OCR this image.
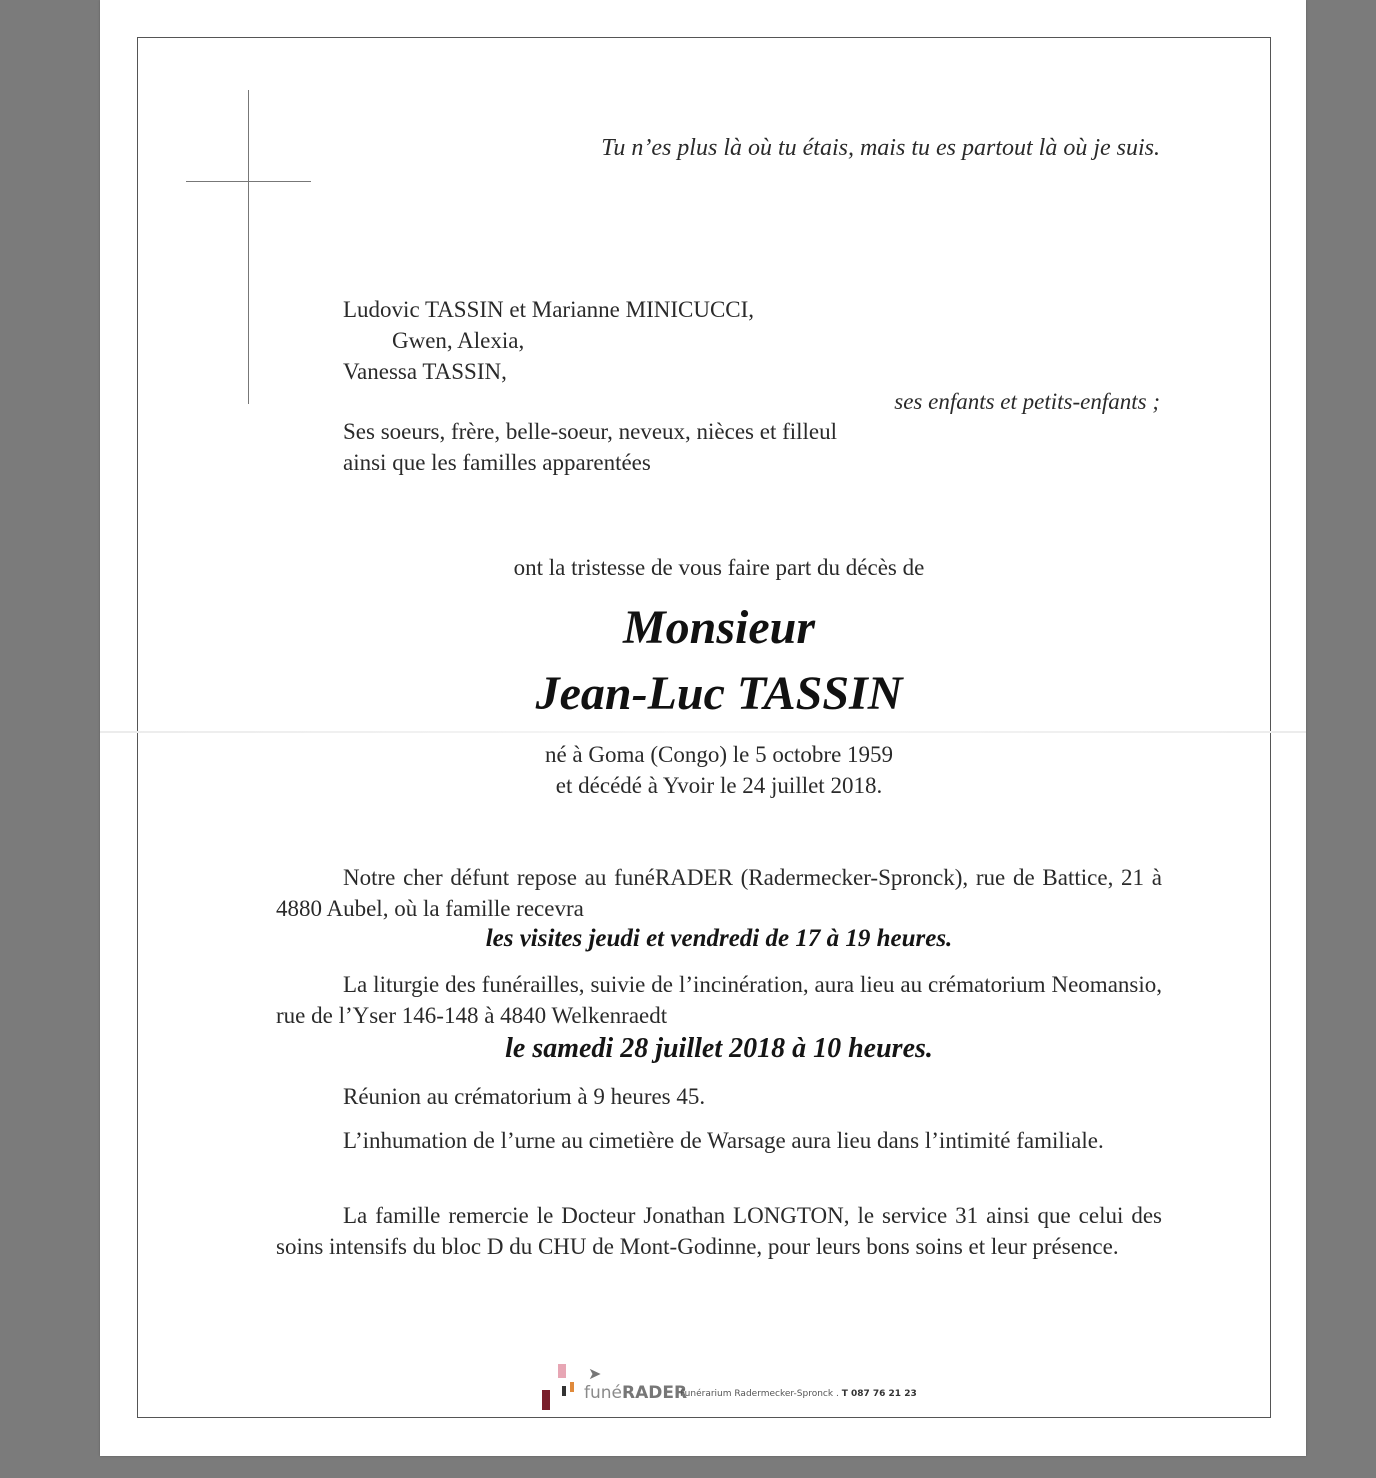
Tu n’es plus là où tu étais, mais tu es partout là où je suis.
Ludovic TASSIN et Marianne MINICUCCI,
Gwen, Alexia,
Vanessa TASSIN,
ses enfants et petits-enfants ;
Ses soeurs, frère, belle-soeur, neveux, nièces et filleul
ainsi que les familles apparentées
ont la tristesse de vous faire part du décès de
Monsieur
Jean-Luc TASSIN
né à Goma (Congo) le 5 octobre 1959
et décédé à Yvoir le 24 juillet 2018.
Notre cher défunt repose au funéRADER (Radermecker-Spronck), rue de Battice, 21 à 4880 Aubel, où la famille recevra
les visites jeudi et vendredi de 17 à 19 heures.
La liturgie des funérailles, suivie de l’incinération, aura lieu au crématorium Neomansio, rue de l’Yser 146-148 à 4840 Welkenraedt
le samedi 28 juillet 2018 à 10 heures.
Réunion au crématorium à 9 heures 45.
L’inhumation de l’urne au cimetière de Warsage aura lieu dans l’intimité familiale.
La famille remercie le Docteur Jonathan LONGTON, le service 31 ainsi que celui des soins intensifs du bloc D du CHU de Mont-Godinne, pour leurs bons soins et leur présence.
➤
funéRADER
Funérarium Radermecker-Spronck . T 087 76 21 23
